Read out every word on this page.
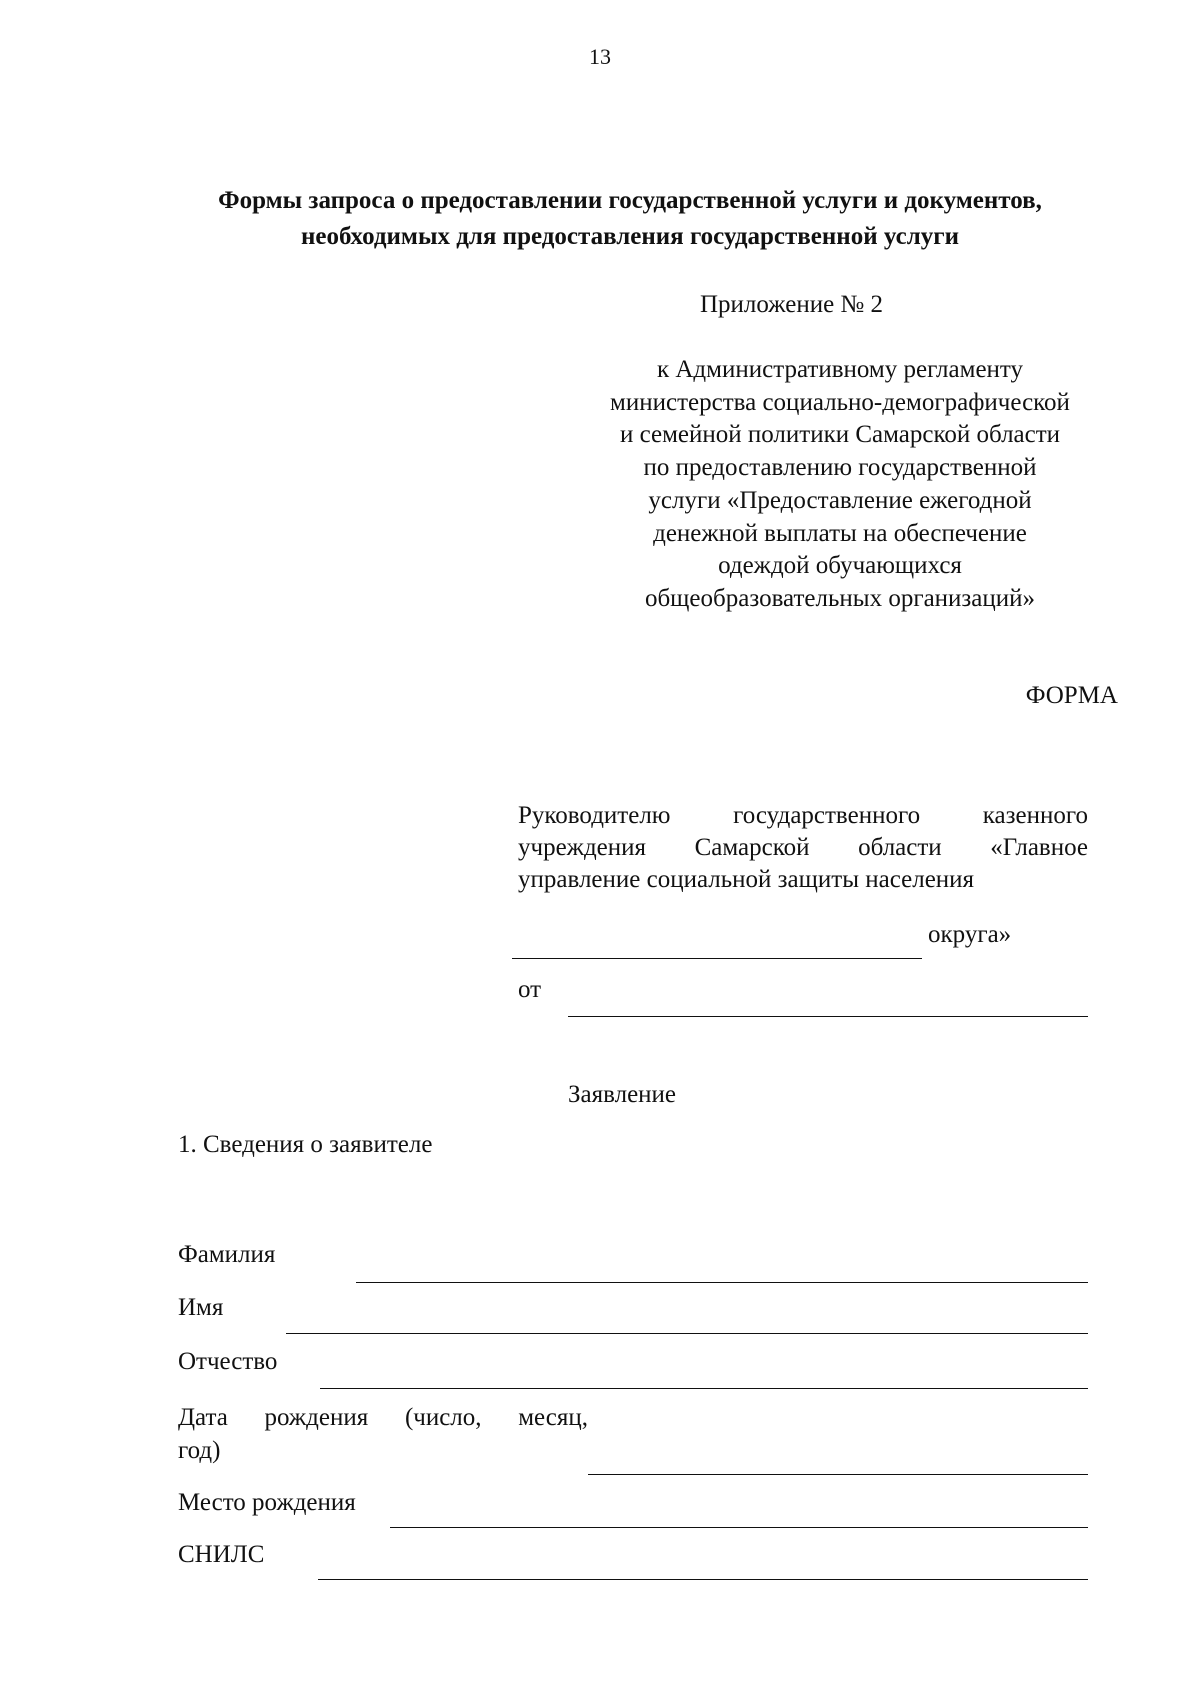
13
Формы запроса о предоставлении государственной услуги и документов,
необходимых для предоставления государственной услуги
Приложение № 2
к Административному регламенту
министерства социально-демографической
и семейной политики Самарской области
по предоставлению государственной
услуги «Предоставление ежегодной
денежной выплаты на обеспечение
одеждой обучающихся
общеобразовательных организаций»
ФОРМА
Руководителю государственного казенного
учреждения Самарской области «Главное
управление социальной защиты населения
округа»
от
Заявление
1. Сведения о заявителе
Фамилия
Имя
Отчество
Дата рождения (число, месяц,
год)
Место рождения
СНИЛС
